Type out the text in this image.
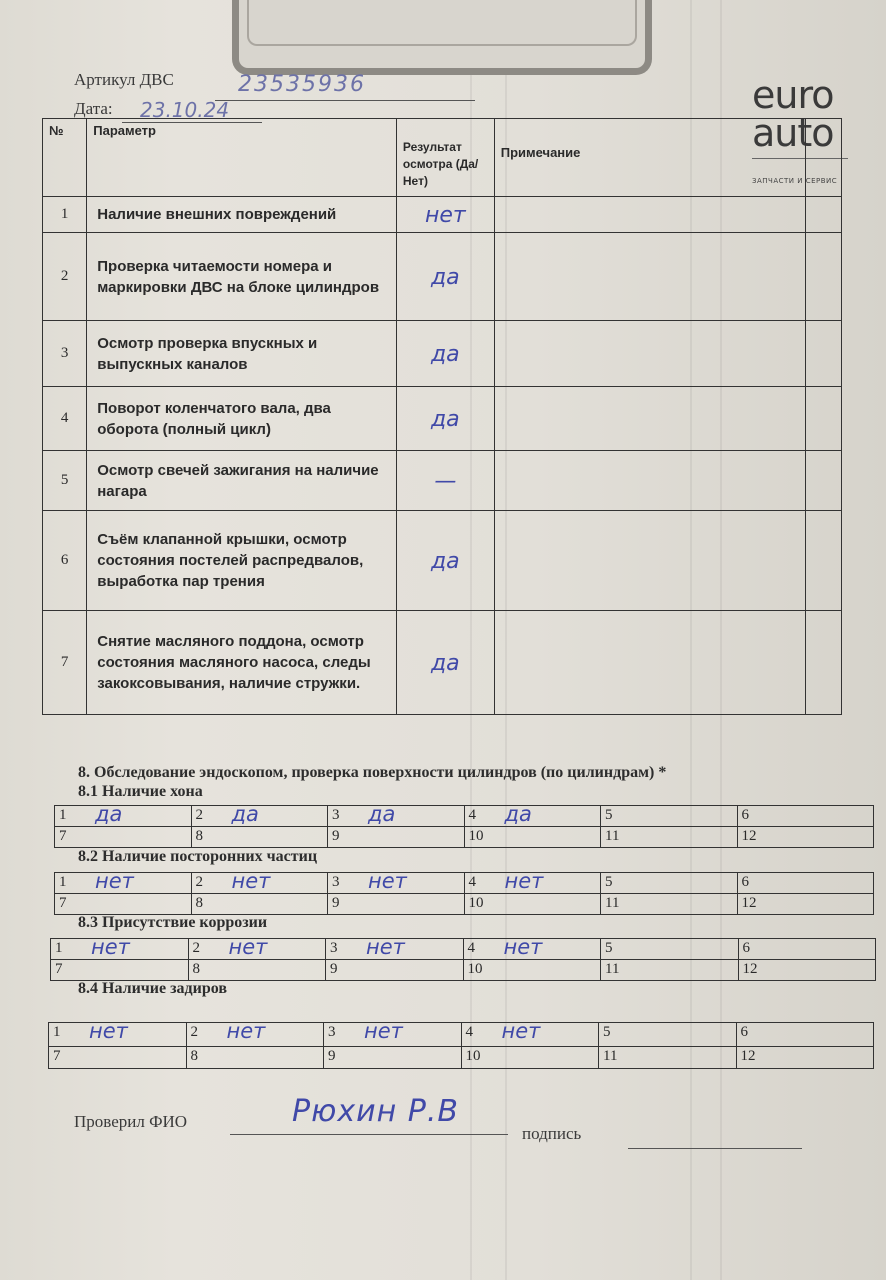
Артикул ДВС	23535936
Дата: 23.10.24	euro
auto
ЗАПЧАСТИ И СЕРВИС
№	Параметр	Результат осмотра (Да/Нет)	Примечание	
1	Наличие внешних повреждений	нет		
2	Проверка читаемости номера и маркировки ДВС на блоке цилиндров	да		
3	Осмотр проверка впускных и выпускных каналов	да		
4	Поворот коленчатого вала, два оборота (полный цикл)	да		
5	Осмотр свечей зажигания на наличие нагара	—		
6	Съём клапанной крышки, осмотр состояния постелей распредвалов, выработка пар трения	да		
7	Снятие масляного поддона, осмотр состояния масляного насоса, следы закоксовывания, наличие стружки.	да		
8. Обследование эндоскопом, проверка поверхности цилиндров (по цилиндрам) *
8.1 Наличие хона
1 да	2 да	3 да	4 да	5	6

7	8	9	10	11	12
8.2 Наличие посторонних частиц
1 нет	2 нет	3 нет	4 нет	5	6

7	8	9	10	11	12
8.3 Присутствие коррозии
1 нет	2 нет	3 нет	4 нет	5	6

7	8	9	10	11	12
8.4 Наличие задиров
1 нет	2 нет	3 нет	4 нет	5	6

7	8	9	10	11	12
Проверил ФИО	Рюхин Р.В
подпись
